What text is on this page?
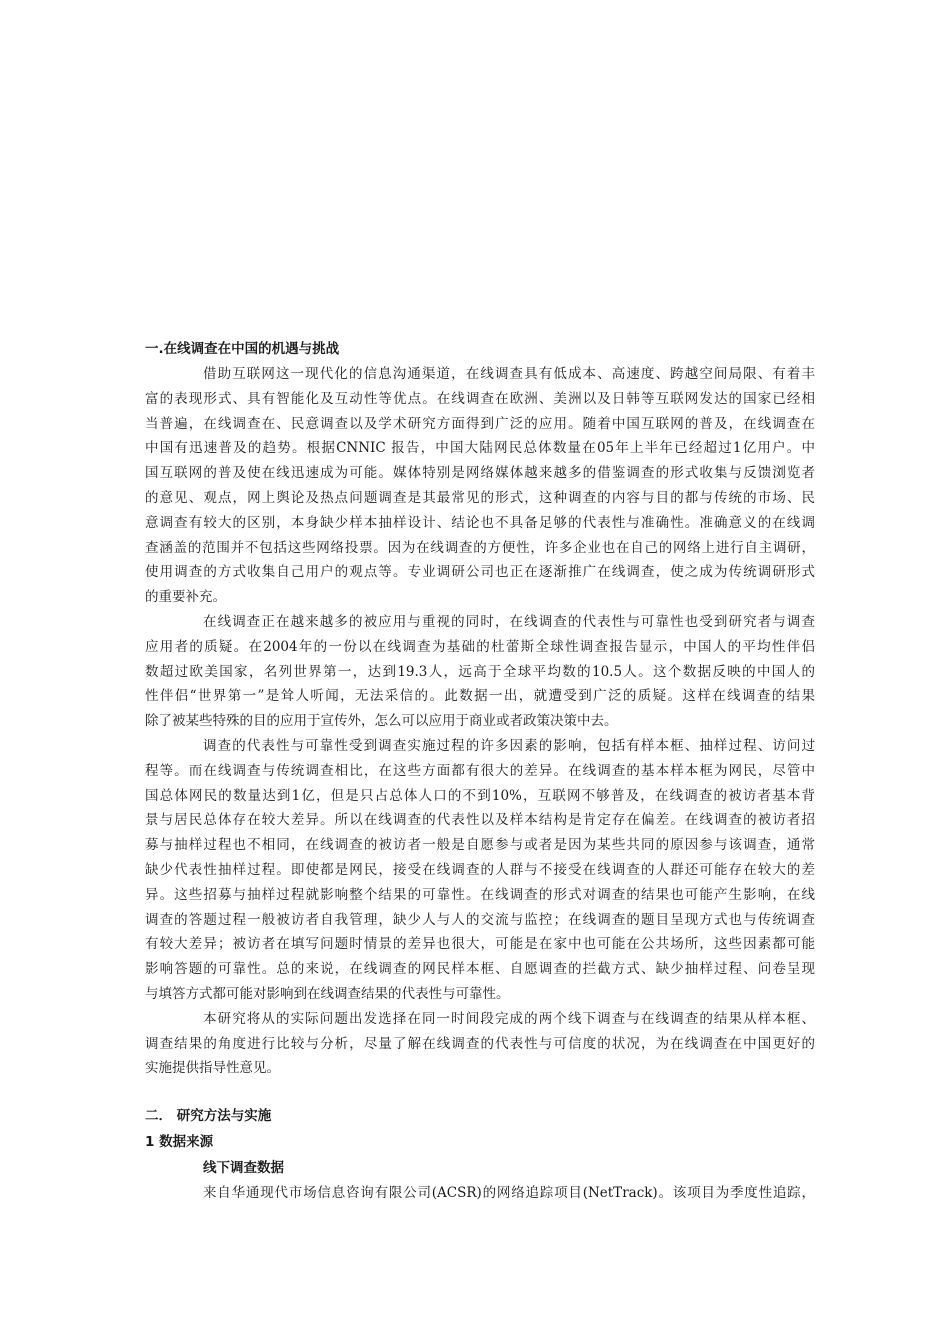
一.在线调查在中国的机遇与挑战
借助互联网这一现代化的信息沟通渠道，在线调查具有低成本、高速度、跨越空间局限、有着丰
富的表现形式、具有智能化及互动性等优点。在线调查在欧洲、美洲以及日韩等互联网发达的国家已经相
当普遍，在线调查在、民意调查以及学术研究方面得到广泛的应用。随着中国互联网的普及，在线调查在
中国有迅速普及的趋势。根据CNNIC 报告，中国大陆网民总体数量在05年上半年已经超过1亿用户。中
国互联网的普及使在线迅速成为可能。媒体特别是网络媒体越来越多的借鉴调查的形式收集与反馈浏览者
的意见、观点，网上舆论及热点问题调查是其最常见的形式，这种调查的内容与目的都与传统的市场、民
意调查有较大的区别，本身缺少样本抽样设计、结论也不具备足够的代表性与准确性。准确意义的在线调
查涵盖的范围并不包括这些网络投票。因为在线调查的方便性，许多企业也在自己的网络上进行自主调研，
使用调查的方式收集自己用户的观点等。专业调研公司也正在逐渐推广在线调查，使之成为传统调研形式
的重要补充。
在线调查正在越来越多的被应用与重视的同时，在线调查的代表性与可靠性也受到研究者与调查
应用者的质疑。在2004年的一份以在线调查为基础的杜蕾斯全球性调查报告显示，中国人的平均性伴侣
数超过欧美国家，名列世界第一，达到19.3人，远高于全球平均数的10.5人。这个数据反映的中国人的
性伴侣“世界第一”是耸人听闻，无法采信的。此数据一出，就遭受到广泛的质疑。这样在线调查的结果
除了被某些特殊的目的应用于宣传外，怎么可以应用于商业或者政策决策中去。
调查的代表性与可靠性受到调查实施过程的许多因素的影响，包括有样本框、抽样过程、访问过
程等。而在线调查与传统调查相比，在这些方面都有很大的差异。在线调查的基本样本框为网民，尽管中
国总体网民的数量达到1亿，但是只占总体人口的不到10%，互联网不够普及，在线调查的被访者基本背
景与居民总体存在较大差异。所以在线调查的代表性以及样本结构是肯定存在偏差。在线调查的被访者招
募与抽样过程也不相同，在线调查的被访者一般是自愿参与或者是因为某些共同的原因参与该调查，通常
缺少代表性抽样过程。即使都是网民，接受在线调查的人群与不接受在线调查的人群还可能存在较大的差
异。这些招募与抽样过程就影响整个结果的可靠性。在线调查的形式对调查的结果也可能产生影响，在线
调查的答题过程一般被访者自我管理，缺少人与人的交流与监控；在线调查的题目呈现方式也与传统调查
有较大差异；被访者在填写问题时情景的差异也很大，可能是在家中也可能在公共场所，这些因素都可能
影响答题的可靠性。总的来说，在线调查的网民样本框、自愿调查的拦截方式、缺少抽样过程、问卷呈现
与填答方式都可能对影响到在线调查结果的代表性与可靠性。
本研究将从的实际问题出发选择在同一时间段完成的两个线下调查与在线调查的结果从样本框、
调查结果的角度进行比较与分析，尽量了解在线调查的代表性与可信度的状况，为在线调查在中国更好的
实施提供指导性意见。
二． 研究方法与实施
1 数据来源
线下调查数据
来自华通现代市场信息咨询有限公司(ACSR)的网络追踪项目(NetTrack)。该项目为季度性追踪，
